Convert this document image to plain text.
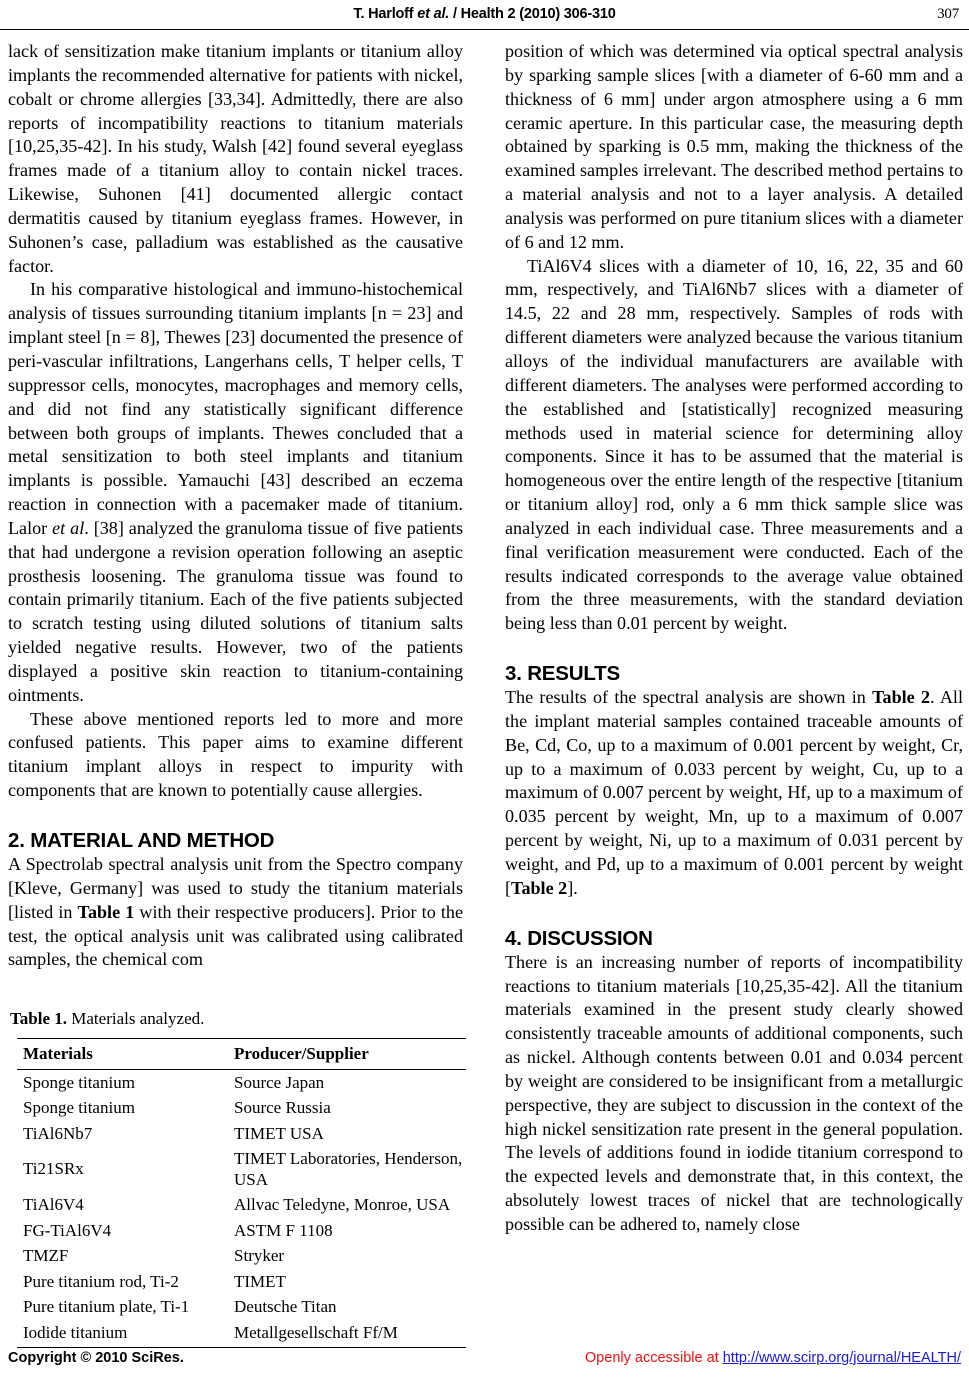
T. Harloff et al. / Health 2 (2010) 306-310	307

lack of sensitization make titanium implants or titanium alloy implants the recommended alternative for patients with nickel, cobalt or chrome allergies [33,34]. Admittedly, there are also reports of incompatibility reactions to titanium materials [10,25,35-42]. In his study, Walsh [42] found several eyeglass frames made of a titanium alloy to contain nickel traces. Likewise, Suhonen [41] documented allergic contact dermatitis caused by titanium eyeglass frames. However, in Suhonen’s case, palladium was established as the causative factor.

In his comparative histological and immuno-histochemical analysis of tissues surrounding titanium implants [n = 23] and implant steel [n = 8], Thewes [23] documented the presence of peri-vascular infiltrations, Langerhans cells, T helper cells, T suppressor cells, monocytes, macrophages and memory cells, and did not find any statistically significant difference between both groups of implants. Thewes concluded that a metal sensitization to both steel implants and titanium implants is possible. Yamauchi [43] described an eczema reaction in connection with a pacemaker made of titanium. Lalor et al. [38] analyzed the granuloma tissue of five patients that had undergone a revision operation following an aseptic prosthesis loosening. The granuloma tissue was found to contain primarily titanium. Each of the five patients subjected to scratch testing using diluted solutions of titanium salts yielded negative results. However, two of the patients displayed a positive skin reaction to titanium-containing ointments.

These above mentioned reports led to more and more confused patients. This paper aims to examine different titanium implant alloys in respect to impurity with components that are known to potentially cause allergies.

2. MATERIAL AND METHOD

A Spectrolab spectral analysis unit from the Spectro company [Kleve, Germany] was used to study the titanium materials [listed in Table 1 with their respective producers]. Prior to the test, the optical analysis unit was calibrated using calibrated samples, the chemical com

Table 1. Materials analyzed.
Materials	Producer/Supplier
Sponge titanium	Source Japan
Sponge titanium	Source Russia
TiAl6Nb7	TIMET USA
Ti21SRx	TIMET Laboratories, Henderson, USA
TiAl6V4	Allvac Teledyne, Monroe, USA
FG-TiAl6V4	ASTM F 1108
TMZF	Stryker
Pure titanium rod, Ti-2	TIMET
Pure titanium plate, Ti-1	Deutsche Titan
Iodide titanium	Metallgesellschaft Ff/M

position of which was determined via optical spectral analysis by sparking sample slices [with a diameter of 6-60 mm and a thickness of 6 mm] under argon atmosphere using a 6 mm ceramic aperture. In this particular case, the measuring depth obtained by sparking is 0.5 mm, making the thickness of the examined samples irrelevant. The described method pertains to a material analysis and not to a layer analysis. A detailed analysis was performed on pure titanium slices with a diameter of 6 and 12 mm.

TiAl6V4 slices with a diameter of 10, 16, 22, 35 and 60 mm, respectively, and TiAl6Nb7 slices with a diameter of 14.5, 22 and 28 mm, respectively. Samples of rods with different diameters were analyzed because the various titanium alloys of the individual manufacturers are available with different diameters. The analyses were performed according to the established and [statistically] recognized measuring methods used in material science for determining alloy components. Since it has to be assumed that the material is homogeneous over the entire length of the respective [titanium or titanium alloy] rod, only a 6 mm thick sample slice was analyzed in each individual case. Three measurements and a final verification measurement were conducted. Each of the results indicated corresponds to the average value obtained from the three measurements, with the standard deviation being less than 0.01 percent by weight.

3. RESULTS

The results of the spectral analysis are shown in Table 2. All the implant material samples contained traceable amounts of Be, Cd, Co, up to a maximum of 0.001 percent by weight, Cr, up to a maximum of 0.033 percent by weight, Cu, up to a maximum of 0.007 percent by weight, Hf, up to a maximum of 0.035 percent by weight, Mn, up to a maximum of 0.007 percent by weight, Ni, up to a maximum of 0.031 percent by weight, and Pd, up to a maximum of 0.001 percent by weight [Table 2].

4. DISCUSSION

There is an increasing number of reports of incompatibility reactions to titanium materials [10,25,35-42]. All the titanium materials examined in the present study clearly showed consistently traceable amounts of additional components, such as nickel. Although contents between 0.01 and 0.034 percent by weight are considered to be insignificant from a metallurgic perspective, they are subject to discussion in the context of the high nickel sensitization rate present in the general population. The levels of additions found in iodide titanium correspond to the expected levels and demonstrate that, in this context, the absolutely lowest traces of nickel that are technologically possible can be adhered to, namely close

Copyright © 2010 SciRes.	Openly accessible at http://www.scirp.org/journal/HEALTH/
